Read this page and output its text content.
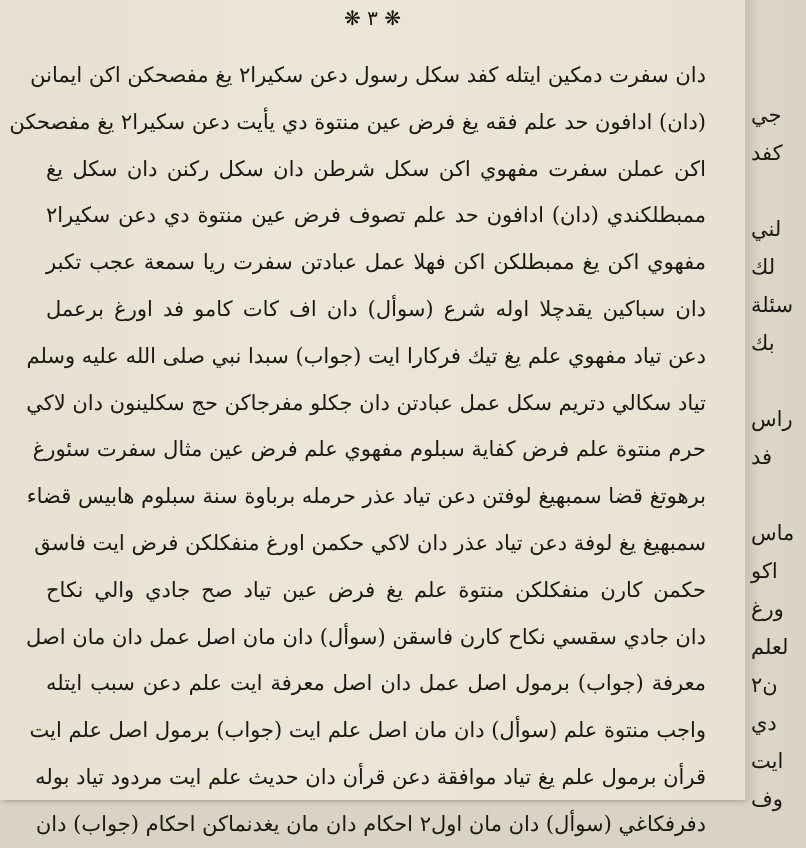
❋ ٣ ❋
دان سفرت دمكين ايتله كفد سكل رسول دعن سكيرا٢ يغ مفصحكن اكن ايمانن
(دان) ادافون حد علم فقه يغ فرض عين منتوة دي يأيت دعن سكيرا٢ يغ مفصحكن
اكن عملن سفرت مفهوي اكن سكل شرطن دان سكل ركنن دان سكل يغ
ممبطلكندي (دان) ادافون حد علم تصوف فرض عين منتوة دي دعن سكيرا٢
مفهوي اكن يغ ممبطلكن اكن فهلا عمل عبادتن سفرت ريا سمعة عجب تكبر
دان سباكين يقدچلا اوله شرع (سوأل) دان اف كات كامو فد اورغ برعمل
دعن تياد مفهوي علم يغ تيك فركارا ايت (جواب) سبدا نبي صلى الله عليه وسلم
تياد سكالي دتريم سكل عمل عبادتن دان جكلو مفرجاكن حج سكلينون دان لاكي
حرم منتوة علم فرض كفاية سبلوم مفهوي علم فرض عين مثال سفرت سئورغ
برهوتغ قضا سمبهيغ لوفتن دعن تياد عذر حرمله برباوة سنة سبلوم هابيس قضاء
سمبهيغ يغ لوفة دعن تياد عذر دان لاكي حكمن اورغ منفكلكن فرض ايت فاسق
حكمن كارن منفكلكن منتوة علم يغ فرض عين تياد صح جادي والي نكاح
دان جادي سقسي نكاح كارن فاسقن (سوأل) دان مان اصل عمل دان مان اصل
معرفة (جواب) برمول اصل عمل دان اصل معرفة ايت علم دعن سبب ايتله
واجب منتوة علم (سوأل) دان مان اصل علم ايت (جواب) برمول اصل علم ايت
قرأن برمول علم يغ تياد موافقة دعن قرأن دان حديث علم ايت مردود تياد بوله
دفرفكاغي (سوأل) دان مان اول٢ احكام دان مان يغدنماكن احكام (جواب) دان
جي
كفد
لني
لك
سئلة
بك
راس
فد
ماس
اكو
ورغ
لعلم
ن٢
دي
ايت
وف
